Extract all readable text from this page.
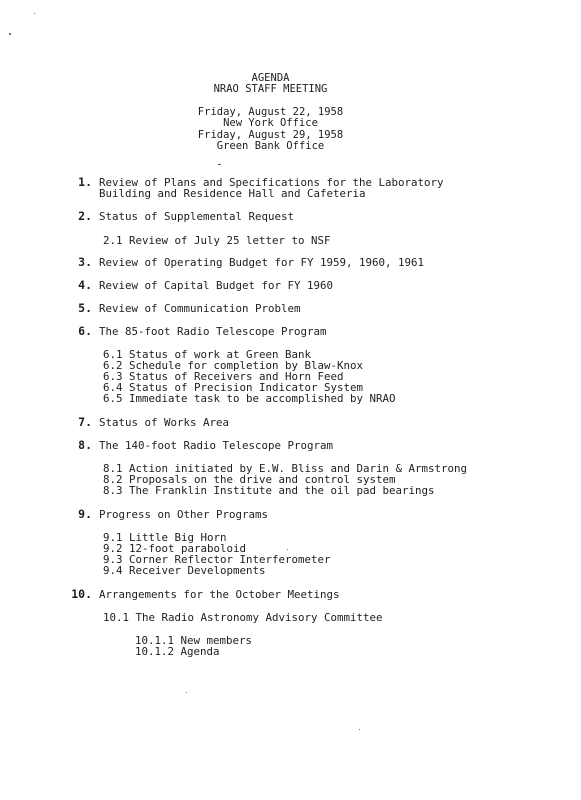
AGENDA
NRAO STAFF MEETING
Friday, August 22, 1958
New York Office
Friday, August 29, 1958
Green Bank Office
1. Review of Plans and Specifications for the Laboratory
Building and Residence Hall and Cafeteria
2. Status of Supplemental Request
2.1 Review of July 25 letter to NSF
3. Review of Operating Budget for FY 1959, 1960, 1961
4. Review of Capital Budget for FY 1960
5. Review of Communication Problem
6. The 85-foot Radio Telescope Program
6.1 Status of work at Green Bank
6.2 Schedule for completion by Blaw-Knox
6.3 Status of Receivers and Horn Feed
6.4 Status of Precision Indicator System
6.5 Immediate task to be accomplished by NRAO
7. Status of Works Area
8. The 140-foot Radio Telescope Program
8.1 Action initiated by E.W. Bliss and Darin & Armstrong
8.2 Proposals on the drive and control system
8.3 The Franklin Institute and the oil pad bearings
9. Progress on Other Programs
9.1 Little Big Horn
9.2 12-foot paraboloid
9.3 Corner Reflector Interferometer
9.4 Receiver Developments
10. Arrangements for the October Meetings
10.1 The Radio Astronomy Advisory Committee
10.1.1 New members
10.1.2 Agenda
